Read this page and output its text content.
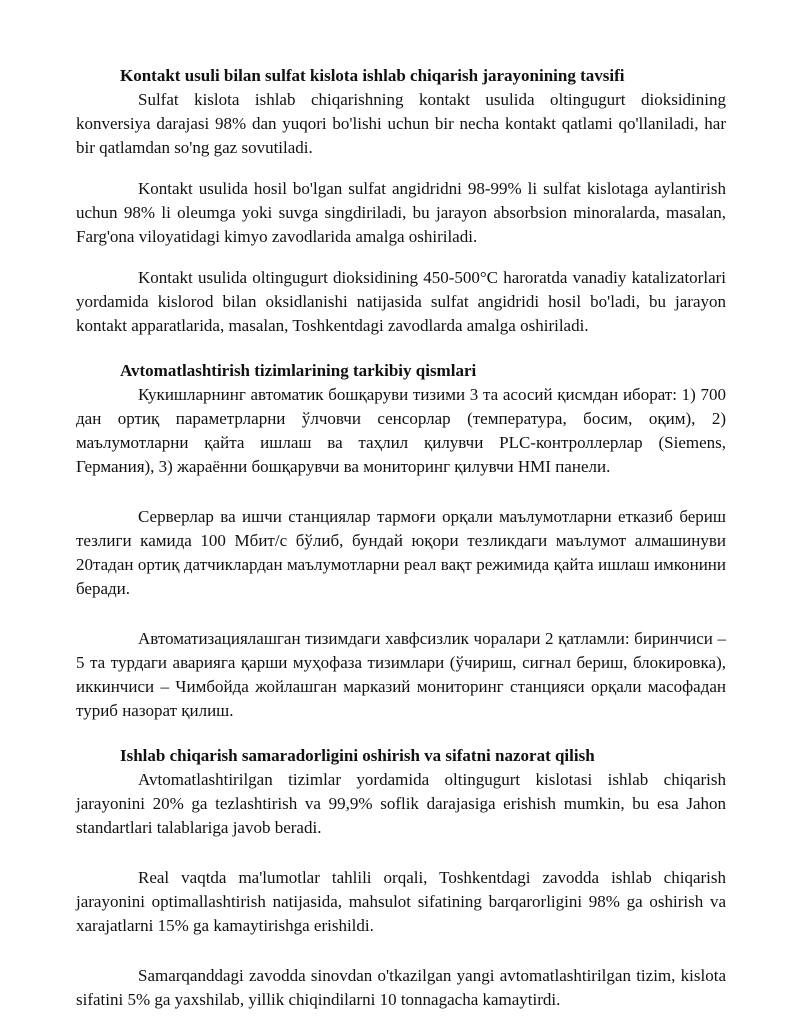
Kontakt usuli bilan sulfat kislota ishlab chiqarish jarayonining tavsifi

Sulfat kislota ishlab chiqarishning kontakt usulida oltingugurt dioksidining konversiya darajasi 98% dan yuqori bo'lishi uchun bir necha kontakt qatlami qo'llaniladi, har bir qatlamdan so'ng gaz sovutiladi.

Kontakt usulida hosil bo'lgan sulfat angidridni 98-99% li sulfat kislotaga aylantirish uchun 98% li oleumga yoki suvga singdiriladi, bu jarayon absorbsion minoralarda, masalan, Farg'ona viloyatidagi kimyo zavodlarida amalga oshiriladi.

Kontakt usulida oltingugurt dioksidining 450-500°C haroratda vanadiy katalizatorlari yordamida kislorod bilan oksidlanishi natijasida sulfat angidridi hosil bo'ladi, bu jarayon kontakt apparatlarida, masalan, Toshkentdagi zavodlarda amalga oshiriladi.

Avtomatlashtirish tizimlarining tarkibiy qismlari

Кукишларнинг автоматик бошқаруви тизими 3 та асосий қисмдан иборат: 1) 700 дан ортиқ параметрларни ўлчовчи сенсорлар (температура, босим, оқим), 2) маълумотларни қайта ишлаш ва таҳлил қилувчи PLC-контроллерлар (Siemens, Германия), 3) жараённи бошқарувчи ва мониторинг қилувчи HMI панели.

Серверлар ва ишчи станциялар тармоғи орқали маълумотларни етказиб бериш тезлиги камида 100 Мбит/с бўлиб, бундай юқори тезликдаги маълумот алмашинуви 20тадан ортиқ датчиклардан маълумотларни реал вақт режимида қайта ишлаш имконини беради.

Автоматизациялашган тизимдаги хавфсизлик чоралари 2 қатламли: биринчиси – 5 та турдаги аварияга қарши муҳофаза тизимлари (ўчириш, сигнал бериш, блокировка), иккинчиси – Чимбойда жойлашган марказий мониторинг станцияси орқали масофадан туриб назорат қилиш.

Ishlab chiqarish samaradorligini oshirish va sifatni nazorat qilish

Avtomatlashtirilgan tizimlar yordamida oltingugurt kislotasi ishlab chiqarish jarayonini 20% ga tezlashtirish va 99,9% soflik darajasiga erishish mumkin, bu esa Jahon standartlari talablariga javob beradi.

Real vaqtda ma'lumotlar tahlili orqali, Toshkentdagi zavodda ishlab chiqarish jarayonini optimallashtirish natijasida, mahsulot sifatining barqarorligini 98% ga oshirish va xarajatlarni 15% ga kamaytirishga erishildi.

Samarqanddagi zavodda sinovdan o'tkazilgan yangi avtomatlashtirilgan tizim, kislota sifatini 5% ga yaxshilab, yillik chiqindilarni 10 tonnagacha kamaytirdi.
